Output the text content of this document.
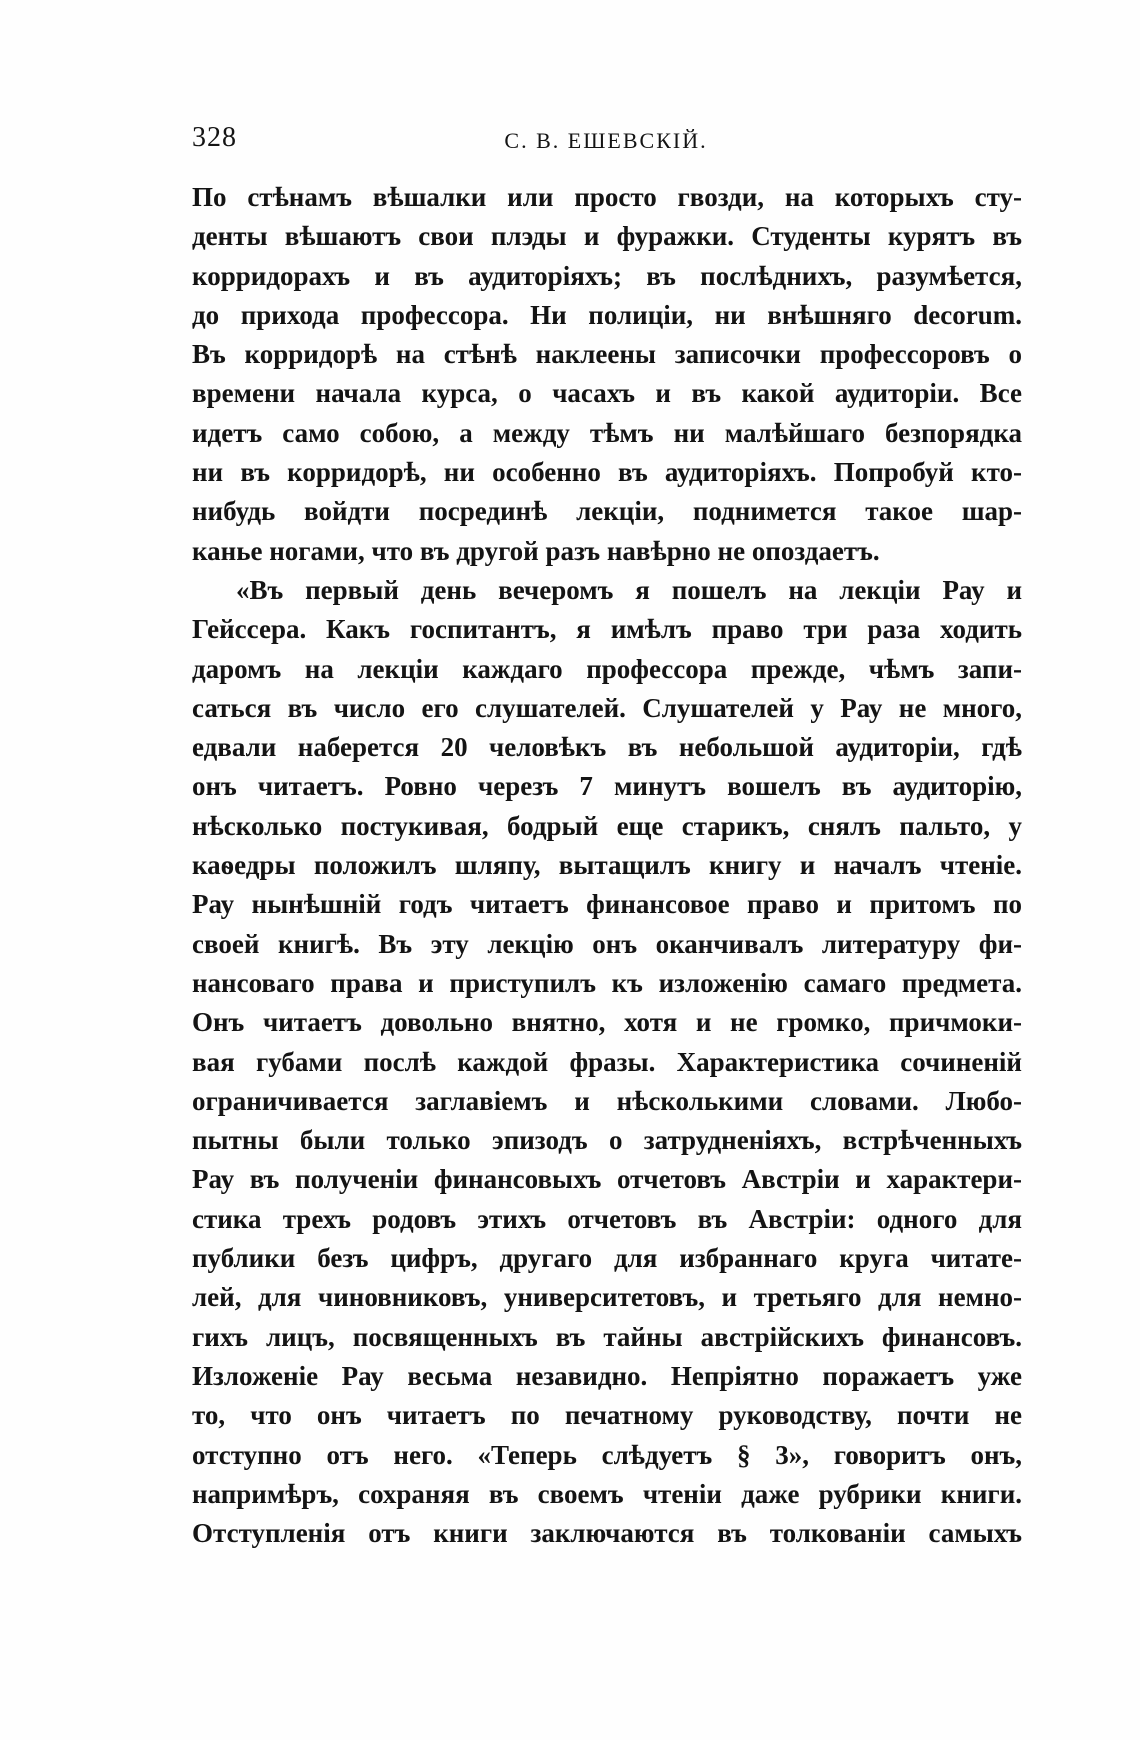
328	С. В. ЕШЕВСКІЙ.
По стѣнамъ вѣшалки или просто гвозди, на которыхъ сту-
денты вѣшаютъ свои плэды и фуражки. Студенты курятъ въ
корридорахъ и въ аудиторіяхъ; въ послѣднихъ, разумѣется,
до прихода профессора. Ни полиціи, ни внѣшняго decorum.
Въ корридорѣ на стѣнѣ наклеены записочки профессоровъ о
времени начала курса, о часахъ и въ какой аудиторіи. Все
идетъ само собою, а между тѣмъ ни малѣйшаго безпорядка
ни въ корридорѣ, ни особенно въ аудиторіяхъ. Попробуй кто-
нибудь войдти посрединѣ лекціи, поднимется такое шар-
канье ногами, что въ другой разъ навѣрно не опоздаетъ.
«Въ первый день вечеромъ я пошелъ на лекціи Рау и
Гейссера. Какъ госпитантъ, я имѣлъ право три раза ходить
даромъ на лекціи каждаго профессора прежде, чѣмъ запи-
саться въ число его слушателей. Слушателей у Рау не много,
едвали наберется 20 человѣкъ въ небольшой аудиторіи, гдѣ
онъ читаетъ. Ровно черезъ 7 минутъ вошелъ въ аудиторію,
нѣсколько постукивая, бодрый еще старикъ, снялъ пальто, у
каѳедры положилъ шляпу, вытащилъ книгу и началъ чтеніе.
Рау нынѣшній годъ читаетъ финансовое право и притомъ по
своей книгѣ. Въ эту лекцію онъ оканчивалъ литературу фи-
нансоваго права и приступилъ къ изложенію самаго предмета.
Онъ читаетъ довольно внятно, хотя и не громко, причмоки-
вая губами послѣ каждой фразы. Характеристика сочиненій
ограничивается заглавіемъ и нѣсколькими словами. Любо-
пытны были только эпизодъ о затрудненіяхъ, встрѣченныхъ
Рау въ полученіи финансовыхъ отчетовъ Австріи и характери-
стика трехъ родовъ этихъ отчетовъ въ Австріи: одного для
публики безъ цифръ, другаго для избраннаго круга читате-
лей, для чиновниковъ, университетовъ, и третьяго для немно-
гихъ лицъ, посвященныхъ въ тайны австрійскихъ финансовъ.
Изложеніе Рау весьма незавидно. Непріятно поражаетъ уже
то, что онъ читаетъ по печатному руководству, почти не
отступно отъ него. «Теперь слѣдуетъ § 3», говоритъ онъ,
напримѣръ, сохраняя въ своемъ чтеніи даже рубрики книги.
Отступленія отъ книги заключаются въ толкованіи самыхъ
